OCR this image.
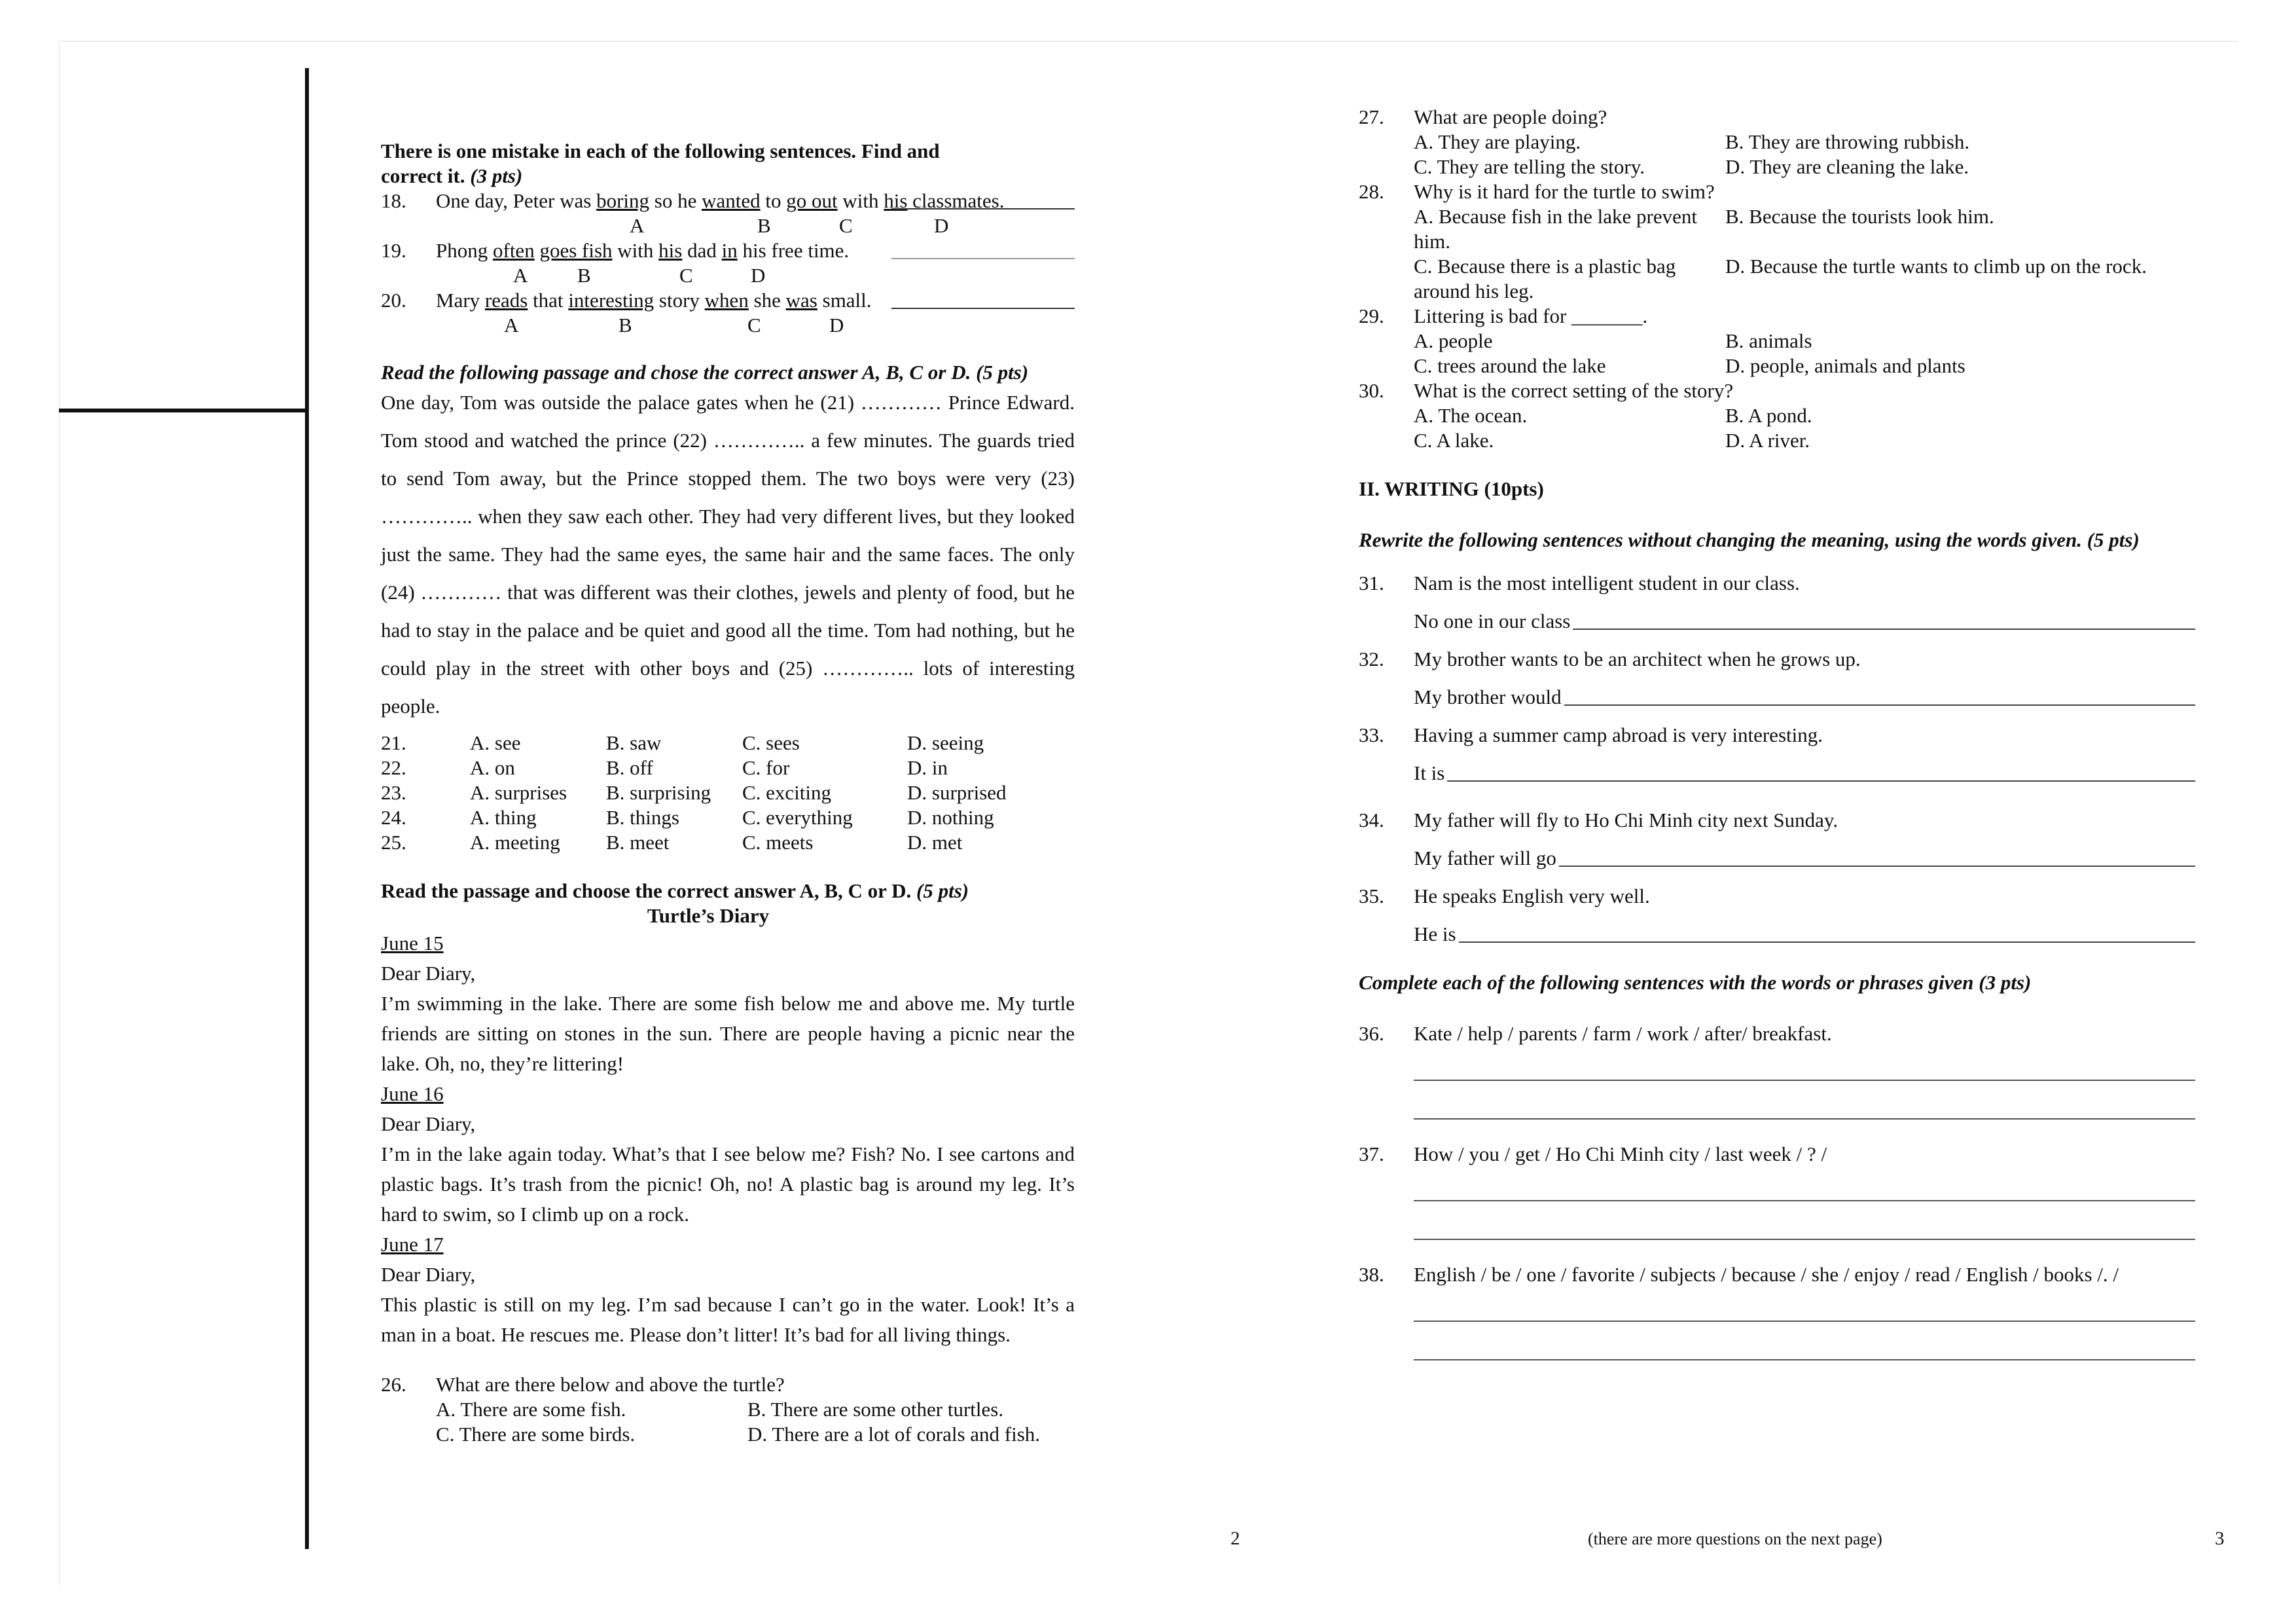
There is one mistake in each of the following sentences. Find and
correct it. (3 pts)
18.	One day, Peter was boring so he wanted to go out with his classmates.
A	B	C	D
19.	Phong often goes fish with his dad in his free time.
A B	C	D
20.	Mary reads that interesting story when she was small.
A	B	C	D
Read the following passage and chose the correct answer A, B, C or D. (5 pts)
One day, Tom was outside the palace gates when he (21) ………… Prince Edward. Tom stood and watched the prince (22) ………….. a few minutes. The guards tried to send Tom away, but the Prince stopped them. The two boys were very (23) ………….. when they saw each other. They had very different lives, but they looked just the same. They had the same eyes, the same hair and the same faces. The only (24) ………… that was different was their clothes, jewels and plenty of food, but he had to stay in the palace and be quiet and good all the time. Tom had nothing, but he could play in the street with other boys and (25) ………….. lots of interesting people.
21.	A. see	B. saw	C. sees	D. seeing
22.	A. on	B. off	C. for	D. in
23.	A. surprises	B. surprising	C. exciting	D. surprised
24.	A. thing	B. things	C. everything	D. nothing
25.	A. meeting	B. meet	C. meets	D. met
Read the passage and choose the correct answer A, B, C or D. (5 pts)
Turtle’s Diary
June 15
Dear Diary,
I’m swimming in the lake. There are some fish below me and above me. My turtle friends are sitting on stones in the sun. There are people having a picnic near the lake. Oh, no, they’re littering!
June 16
Dear Diary,
I’m in the lake again today. What’s that I see below me? Fish? No. I see cartons and plastic bags. It’s trash from the picnic! Oh, no! A plastic bag is around my leg. It’s hard to swim, so I climb up on a rock.
June 17
Dear Diary,
This plastic is still on my leg. I’m sad because I can’t go in the water. Look! It’s a man in a boat. He rescues me. Please don’t litter! It’s bad for all living things.
26.	What are there below and above the turtle?
A. There are some fish.	B. There are some other turtles.
C. There are some birds.	D. There are a lot of corals and fish.
2
27.	What are people doing?
A. They are playing.	B. They are throwing rubbish.
C. They are telling the story.	D. They are cleaning the lake.
28.	Why is it hard for the turtle to swim?
A. Because fish in the lake prevent him.
B. Because the tourists look him.
C. Because there is a plastic bag around his leg.
D. Because the turtle wants to climb up on the rock.
29.	Littering is bad for _______.
A. people	B. animals
C. trees around the lake	D. people, animals and plants
30.	What is the correct setting of the story?
A. The ocean.	B. A pond.
C. A lake.	D. A river.
II. WRITING (10pts)
Rewrite the following sentences without changing the meaning, using the words given. (5 pts)
31.	Nam is the most intelligent student in our class.
No one in our class
32.	My brother wants to be an architect when he grows up.
My brother would
33.	Having a summer camp abroad is very interesting.
It is
34.	My father will fly to Ho Chi Minh city next Sunday.
My father will go
35.	He speaks English very well.
He is
Complete each of the following sentences with the words or phrases given (3 pts)
36.	Kate / help / parents / farm / work / after/ breakfast.
37.	How / you / get / Ho Chi Minh city / last week / ? /
38.	English / be / one / favorite / subjects / because / she / enjoy / read / English / books /. /
(there are more questions on the next page)	3
